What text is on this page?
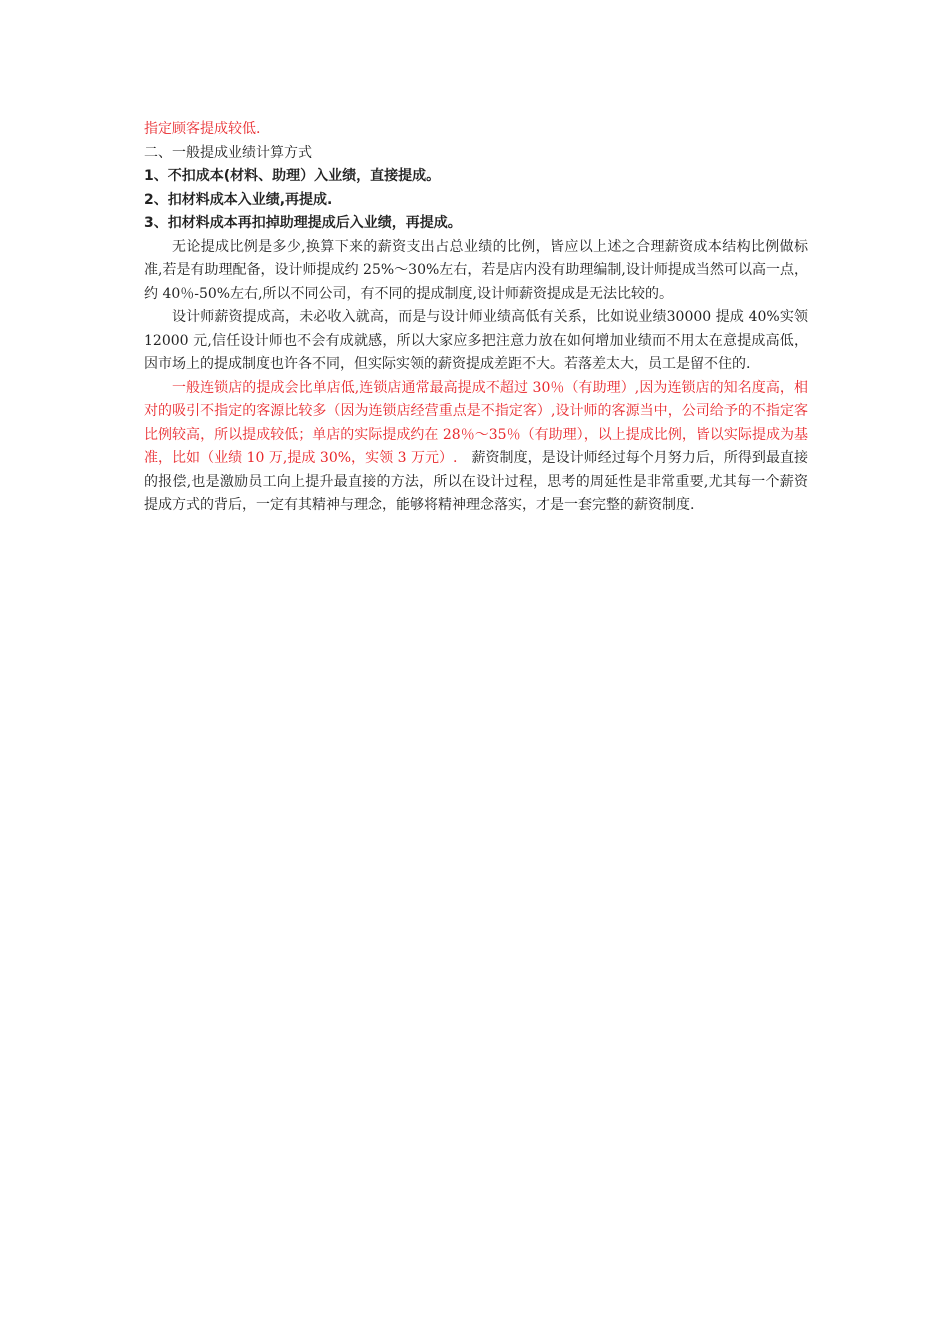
指定顾客提成较低.

二、一般提成业绩计算方式

1、不扣成本(材料、助理）入业绩，直接提成。

2、扣材料成本入业绩,再提成.

3、扣材料成本再扣掉助理提成后入业绩，再提成。

无论提成比例是多少,换算下来的薪资支出占总业绩的比例，皆应以上述之合理薪资成本结构比例做标准,若是有助理配备，设计师提成约 25%～30%左右，若是店内没有助理编制,设计师提成当然可以高一点，约 40％-50%左右,所以不同公司，有不同的提成制度,设计师薪资提成是无法比较的。

设计师薪资提成高，未必收入就高，而是与设计师业绩高低有关系，比如说业绩30000 提成 40%实领 12000 元,信任设计师也不会有成就感，所以大家应多把注意力放在如何增加业绩而不用太在意提成高低，因市场上的提成制度也许各不同，但实际实领的薪资提成差距不大。若落差太大，员工是留不住的.

一般连锁店的提成会比单店低,连锁店通常最高提成不超过 30％（有助理）,因为连锁店的知名度高，相对的吸引不指定的客源比较多（因为连锁店经营重点是不指定客）,设计师的客源当中，公司给予的不指定客比例较高，所以提成较低；单店的实际提成约在 28％～35％（有助理），以上提成比例，皆以实际提成为基准，比如（业绩 10 万,提成 30%，实领 3 万元）.　 薪资制度，是设计师经过每个月努力后，所得到最直接的报偿,也是激励员工向上提升最直接的方法，所以在设计过程，思考的周延性是非常重要,尤其每一个薪资提成方式的背后，一定有其精神与理念，能够将精神理念落实，才是一套完整的薪资制度.
